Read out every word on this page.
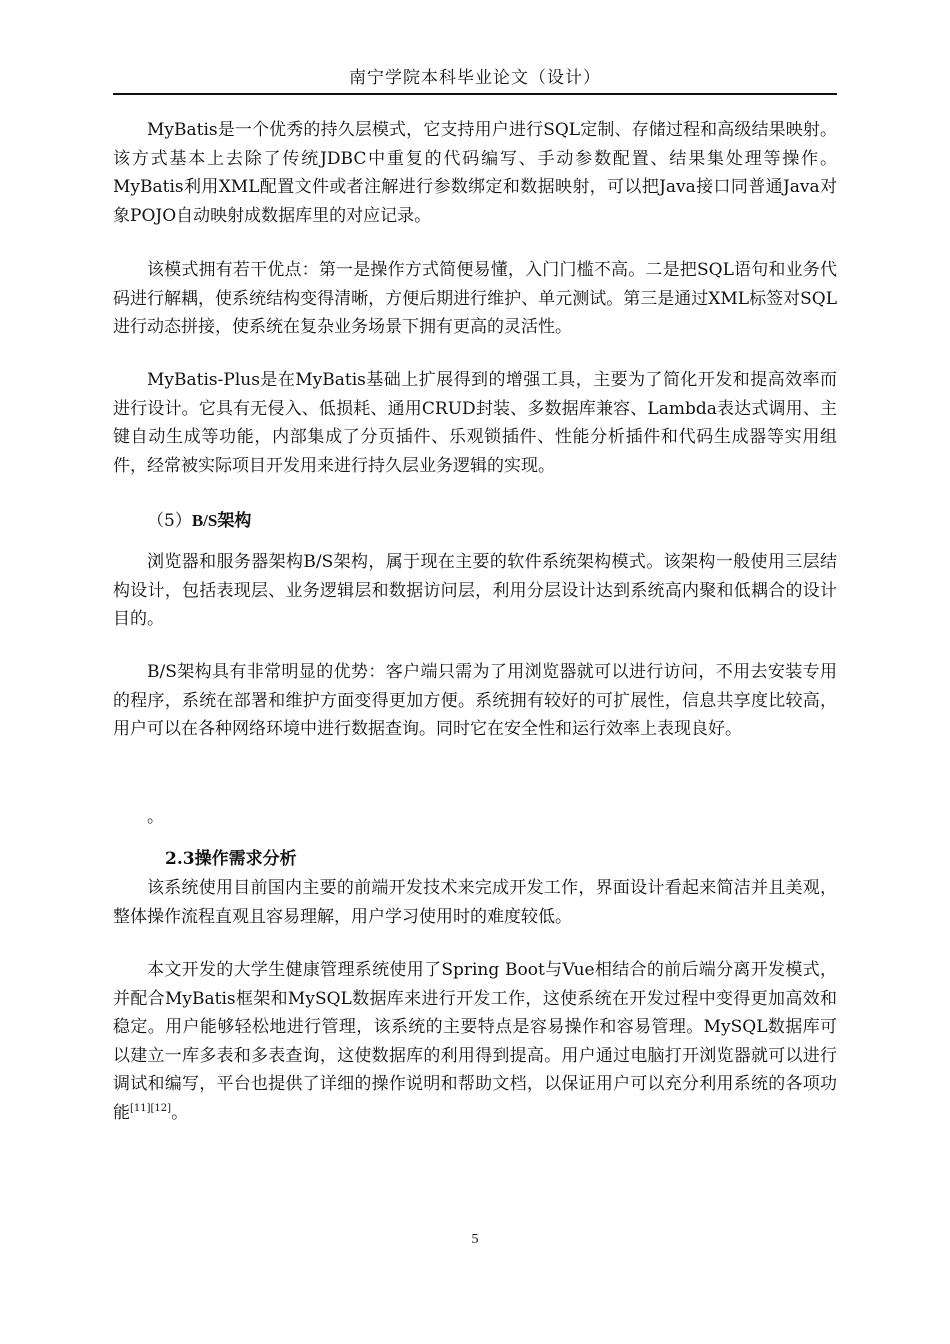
南宁学院本科毕业论文（设计）

MyBatis是一个优秀的持久层模式，它支持用户进行SQL定制、存储过程和高级结果映射。该方式基本上去除了传统JDBC中重复的代码编写、手动参数配置、结果集处理等操作。MyBatis利用XML配置文件或者注解进行参数绑定和数据映射，可以把Java接口同普通Java对象POJO自动映射成数据库里的对应记录。

该模式拥有若干优点：第一是操作方式简便易懂，入门门槛不高。二是把SQL语句和业务代码进行解耦，使系统结构变得清晰，方便后期进行维护、单元测试。第三是通过XML标签对SQL进行动态拼接，使系统在复杂业务场景下拥有更高的灵活性。

MyBatis-Plus是在MyBatis基础上扩展得到的增强工具，主要为了简化开发和提高效率而进行设计。它具有无侵入、低损耗、通用CRUD封装、多数据库兼容、Lambda表达式调用、主键自动生成等功能，内部集成了分页插件、乐观锁插件、性能分析插件和代码生成器等实用组件，经常被实际项目开发用来进行持久层业务逻辑的实现。

（5）B/S架构

浏览器和服务器架构B/S架构，属于现在主要的软件系统架构模式。该架构一般使用三层结构设计，包括表现层、业务逻辑层和数据访问层，利用分层设计达到系统高内聚和低耦合的设计目的。

B/S架构具有非常明显的优势：客户端只需为了用浏览器就可以进行访问，不用去安装专用的程序，系统在部署和维护方面变得更加方便。系统拥有较好的可扩展性，信息共享度比较高，用户可以在各种网络环境中进行数据查询。同时它在安全性和运行效率上表现良好。

。

2.3操作需求分析

该系统使用目前国内主要的前端开发技术来完成开发工作，界面设计看起来简洁并且美观，整体操作流程直观且容易理解，用户学习使用时的难度较低。

本文开发的大学生健康管理系统使用了Spring Boot与Vue相结合的前后端分离开发模式，并配合MyBatis框架和MySQL数据库来进行开发工作，这使系统在开发过程中变得更加高效和稳定。用户能够轻松地进行管理，该系统的主要特点是容易操作和容易管理。MySQL数据库可以建立一库多表和多表查询，这使数据库的利用得到提高。用户通过电脑打开浏览器就可以进行调试和编写，平台也提供了详细的操作说明和帮助文档，以保证用户可以充分利用系统的各项功能[11][12]。

5
